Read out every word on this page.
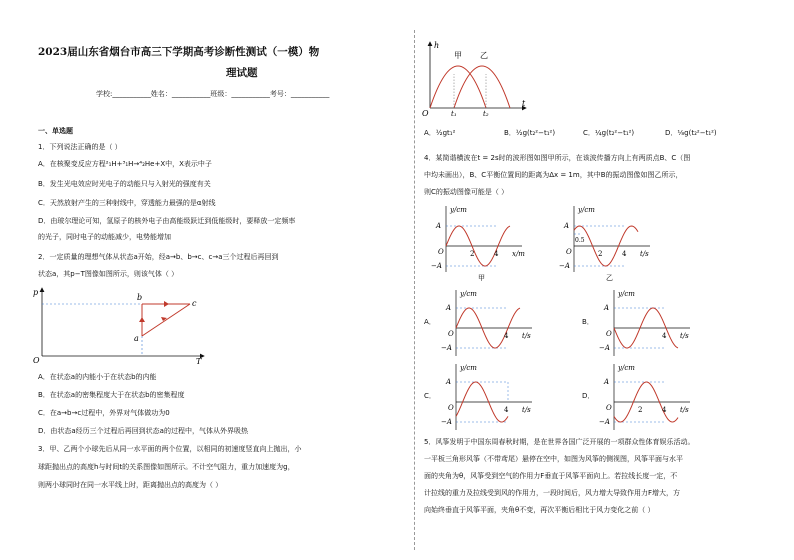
2023届山东省烟台市高三下学期高考诊断性测试（一模）物
理试题
学校:___________姓名：___________班级：___________考号：___________
一、单选题
1．下列说法正确的是（ ）
A．在核聚变反应方程²₁H+³₁H→⁴₂He+X中，X表示中子
B．发生光电效应时光电子的动能只与入射光的强度有关
C．天然放射产生的三种射线中，穿透能力最强的是α射线
D．由玻尔理论可知，氢原子的核外电子由高能级跃迁到低能级时，要释放一定频率
的光子，同时电子的动能减少，电势能增加
2．一定质量的理想气体从状态a开始，经a→b、b→c、c→a三个过程后再回到
状态a，其p−T图像如图所示，则该气体（ ）
p
T
O
a
b
c
A．在状态a的内能小于在状态b的内能
B．在状态a的密集程度大于在状态b的密集程度
C．在a→b→c过程中，外界对气体做功为0
D．由状态a经历三个过程后再回到状态a的过程中，气体从外界吸热
3．甲、乙两个小球先后从同一水平面的两个位置，以相同的初速度竖直向上抛出，小
球距抛出点的高度h与时间t的关系图像如图所示。不计空气阻力，重力加速度为g，
则两小球同时在同一水平线上时，距离抛出点的高度为（ ）
h
t
O
甲 乙
t₁	t₂
A．½gt₁²	B．½g(t₂²−t₁²)	C．¼g(t₂²−t₁²)	D．⅛g(t₂²−t₁²)
4．某简谐横波在t = 2s时的波形图如图甲所示，在该波传播方向上有两质点B、C（图
中均未画出），B、C平衡位置间的距离为Δx = 1m，其中B的振动图像如图乙所示，
则C的振动图像可能是（ ）
y/cm
x/m
A
−A
O	2	4
甲
y/cm
t/s
A
−A
O
0.5
2	4
乙
A．
y/cm
t/s
A
−A
O	4
B．
y/cm
t/s
A
−A
O	4
C．
y/cm
t/s
A
−A
O	4
D．
y/cm
t/s
A
−A
O	2	4
5．风筝发明于中国东周春秋时期，是在世界各国广泛开展的一项群众性体育娱乐活动。
一平板三角形风筝（不带鸢尾）悬停在空中，如图为风筝的侧视图，风筝平面与水平
面的夹角为θ，风筝受到空气的作用力F垂直于风筝平面向上。若拉线长度一定，不
计拉线的重力及拉线受到风的作用力，一段时间后，风力增大导致作用力F增大，方
向始终垂直于风筝平面，夹角θ不变，再次平衡后相比于风力变化之前（ ）
